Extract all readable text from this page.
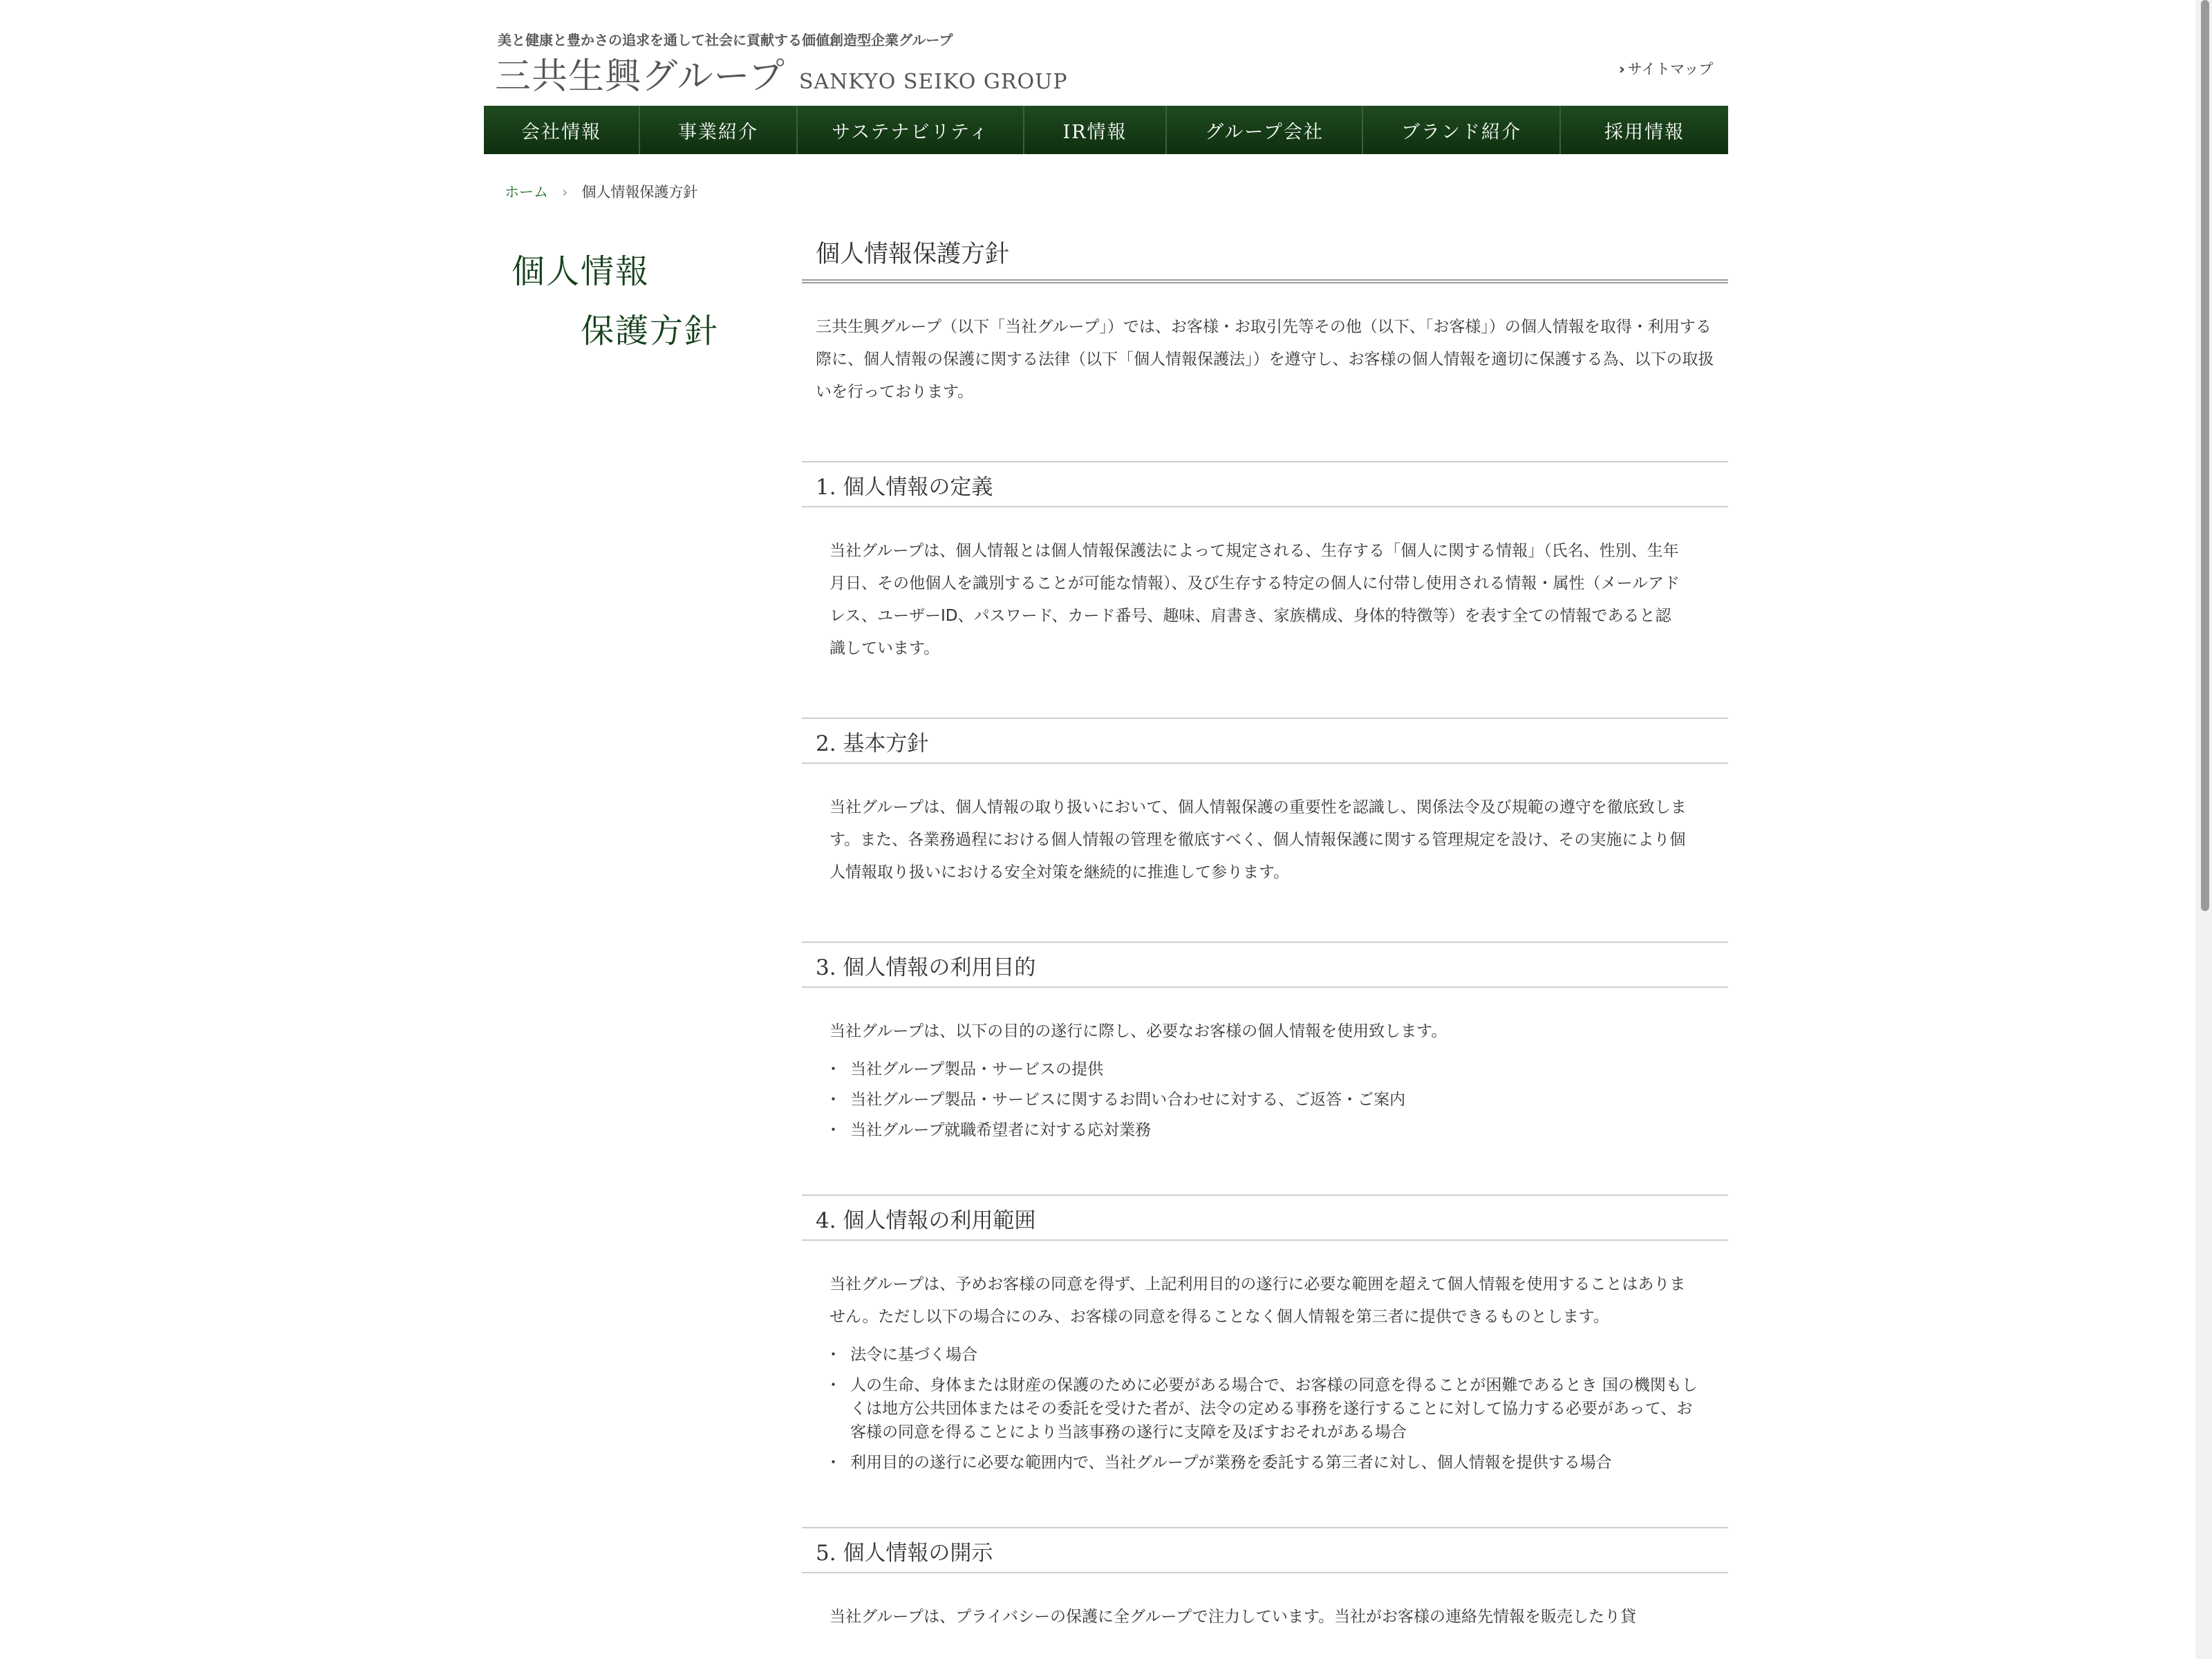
美と健康と豊かさの追求を通して社会に貢献する価値創造型企業グループ
三共生興グループ SANKYO SEIKO GROUP
› サイトマップ
会社情報	事業紹介	サステナビリティ	IR情報	グループ会社	ブランド紹介	採用情報
ホーム › 個人情報保護方針
個人情報
保護方針
個人情報保護方針

三共生興グループ（以下「当社グループ」）では、お客様・お取引先等その他（以下、「お客様」）の個人情報を取得・利用する際に、個人情報の保護に関する法律（以下「個人情報保護法」）を遵守し、お客様の個人情報を適切に保護する為、以下の取扱いを行っております。

1. 個人情報の定義

当社グループは、個人情報とは個人情報保護法によって規定される、生存する「個人に関する情報」（氏名、性別、生年月日、その他個人を識別することが可能な情報）、及び生存する特定の個人に付帯し使用される情報・属性（メールアドレス、ユーザーID、パスワード、カード番号、趣味、肩書き、家族構成、身体的特徴等）を表す全ての情報であると認識しています。

2. 基本方針

当社グループは、個人情報の取り扱いにおいて、個人情報保護の重要性を認識し、関係法令及び規範の遵守を徹底致します。また、各業務過程における個人情報の管理を徹底すべく、個人情報保護に関する管理規定を設け、その実施により個人情報取り扱いにおける安全対策を継続的に推進して参ります。

3. 個人情報の利用目的

当社グループは、以下の目的の遂行に際し、必要なお客様の個人情報を使用致します。

・ 当社グループ製品・サービスの提供
・ 当社グループ製品・サービスに関するお問い合わせに対する、ご返答・ご案内
・ 当社グループ就職希望者に対する応対業務
4. 個人情報の利用範囲

当社グループは、予めお客様の同意を得ず、上記利用目的の遂行に必要な範囲を超えて個人情報を使用することはありません。ただし以下の場合にのみ、お客様の同意を得ることなく個人情報を第三者に提供できるものとします。

・ 法令に基づく場合
・ 人の生命、身体または財産の保護のために必要がある場合で、お客様の同意を得ることが困難であるとき 国の機関もしくは地方公共団体またはその委託を受けた者が、法令の定める事務を遂行することに対して協力する必要があって、お客様の同意を得ることにより当該事務の遂行に支障を及ぼすおそれがある場合
・ 利用目的の遂行に必要な範囲内で、当社グループが業務を委託する第三者に対し、個人情報を提供する場合
5. 個人情報の開示

当社グループは、プライバシーの保護に全グループで注力しています。当社がお客様の連絡先情報を販売したり貸
